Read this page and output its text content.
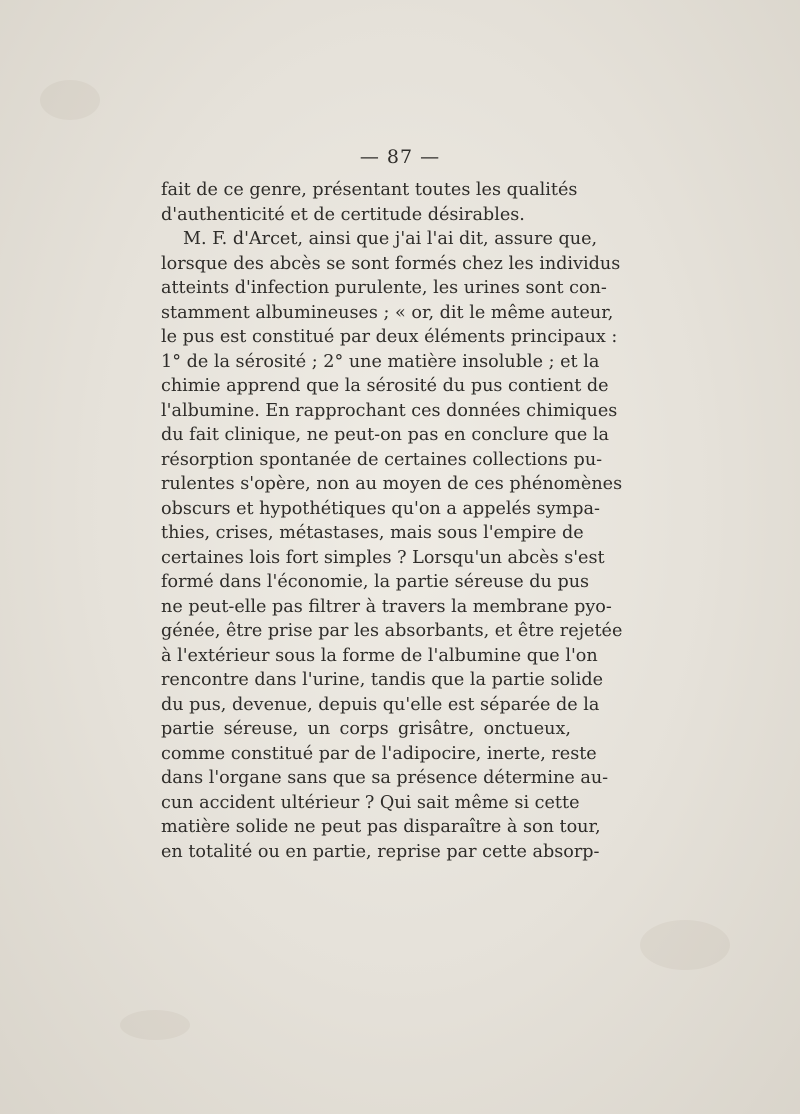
— 87 —
fait de ce genre, présentant toutes les qualités
d'authenticité et de certitude désirables.
M. F. d'Arcet, ainsi que j'ai l'ai dit, assure que,
lorsque des abcès se sont formés chez les individus
atteints d'infection purulente, les urines sont con-
stamment albumineuses ; « or, dit le même auteur,
le pus est constitué par deux éléments principaux :
1° de la sérosité ; 2° une matière insoluble ; et la
chimie apprend que la sérosité du pus contient de
l'albumine. En rapprochant ces données chimiques
du fait clinique, ne peut-on pas en conclure que la
résorption spontanée de certaines collections pu-
rulentes s'opère, non au moyen de ces phénomènes
obscurs et hypothétiques qu'on a appelés sympa-
thies, crises, métastases, mais sous l'empire de
certaines lois fort simples ? Lorsqu'un abcès s'est
formé dans l'économie, la partie séreuse du pus
ne peut-elle pas filtrer à travers la membrane pyo-
génée, être prise par les absorbants, et être rejetée
à l'extérieur sous la forme de l'albumine que l'on
rencontre dans l'urine, tandis que la partie solide
du pus, devenue, depuis qu'elle est séparée de la
partie séreuse, un corps grisâtre, onctueux,
comme constitué par de l'adipocire, inerte, reste
dans l'organe sans que sa présence détermine au-
cun accident ultérieur ? Qui sait même si cette
matière solide ne peut pas disparaître à son tour,
en totalité ou en partie, reprise par cette absorp-
